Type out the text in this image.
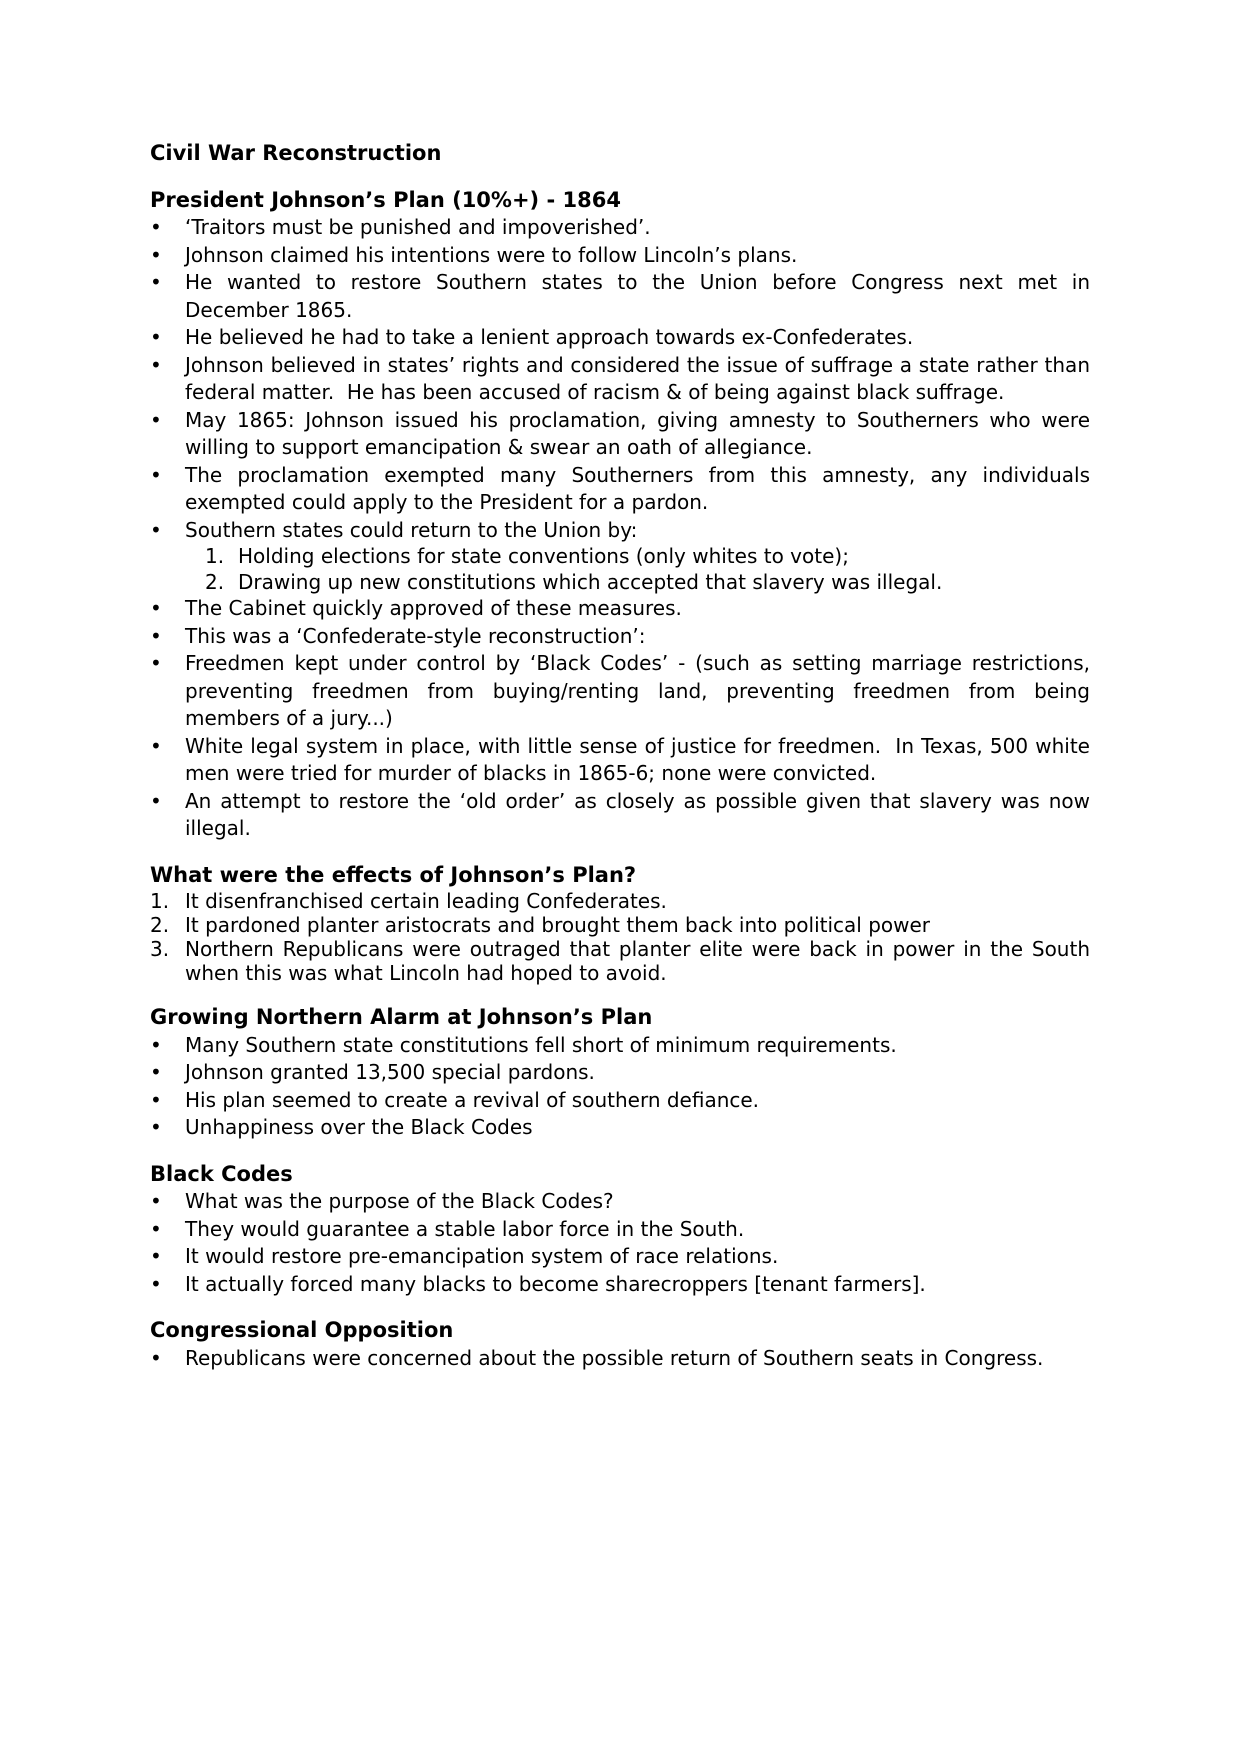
Civil War Reconstruction
President Johnson’s Plan (10%+) - 1864
•	‘Traitors must be punished and impoverished’.
•	Johnson claimed his intentions were to follow Lincoln’s plans.
•	He wanted to restore Southern states to the Union before Congress next met in December 1865.
•	He believed he had to take a lenient approach towards ex-Confederates.
•	Johnson believed in states’ rights and considered the issue of suffrage a state rather than federal matter.  He has been accused of racism & of being against black suffrage.
•	May 1865: Johnson issued his proclamation, giving amnesty to Southerners who were willing to support emancipation & swear an oath of allegiance.
•	The proclamation exempted many Southerners from this amnesty, any individuals exempted could apply to the President for a pardon.
•	Southern states could return to the Union by:
1. Holding elections for state conventions (only whites to vote);
2. Drawing up new constitutions which accepted that slavery was illegal.
•	The Cabinet quickly approved of these measures.
•	This was a ‘Confederate-style reconstruction’:
•	Freedmen kept under control by ‘Black Codes’ - (such as setting marriage restrictions, preventing freedmen from buying/renting land, preventing freedmen from being members of a jury...)
•	White legal system in place, with little sense of justice for freedmen.  In Texas, 500 white men were tried for murder of blacks in 1865-6; none were convicted.
•	An attempt to restore the ‘old order’ as closely as possible given that slavery was now illegal.
What were the effects of Johnson’s Plan?
1. It disenfranchised certain leading Confederates.
2. It pardoned planter aristocrats and brought them back into political power
3. Northern Republicans were outraged that planter elite were back in power in the South when this was what Lincoln had hoped to avoid.
Growing Northern Alarm at Johnson’s Plan
•	Many Southern state constitutions fell short of minimum requirements.
•	Johnson granted 13,500 special pardons.
•	His plan seemed to create a revival of southern defiance.
•	Unhappiness over the Black Codes
Black Codes
•	What was the purpose of the Black Codes?
•	They would guarantee a stable labor force in the South.
•	It would restore pre-emancipation system of race relations.
•	It actually forced many blacks to become sharecroppers [tenant farmers].
Congressional Opposition
•	Republicans were concerned about the possible return of Southern seats in Congress.
